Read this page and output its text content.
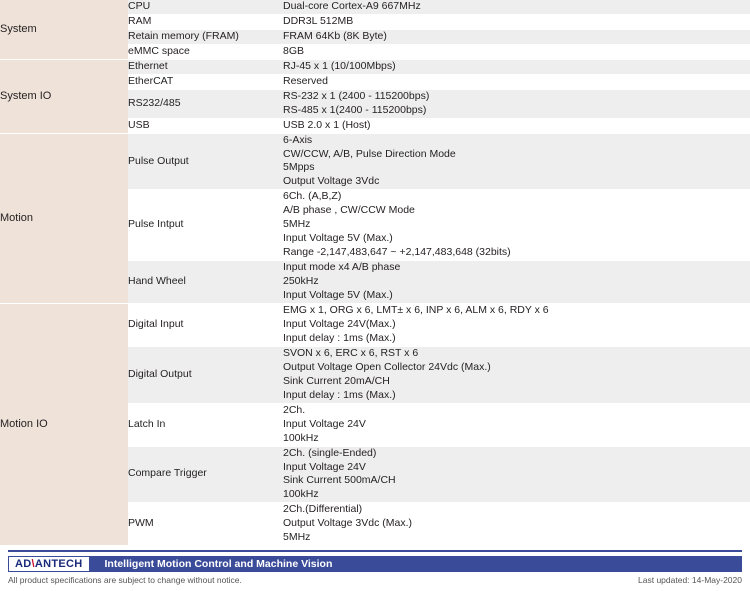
System	CPU	Dual-core Cortex-A9 667MHz

	RAM	DDR3L 512MB

	Retain memory (FRAM)	FRAM 64Kb (8K Byte)

	eMMC space	8GB

System IO	Ethernet	RJ-45 x 1 (10/100Mbps)

	EtherCAT	Reserved

	RS232/485	RS-232 x 1 (2400 - 115200bps)
RS-485 x 1(2400 - 115200bps)

	USB	USB 2.0 x 1 (Host)

Motion	Pulse Output	6-Axis
CW/CCW, A/B, Pulse Direction Mode
5Mpps
Output Voltage 3Vdc

	Pulse Intput	6Ch. (A,B,Z)
A/B phase , CW/CCW Mode
5MHz
Input Voltage 5V (Max.)
Range -2,147,483,647 ~ +2,147,483,648 (32bits)

	Hand Wheel	Input mode x4 A/B phase
250kHz
Input Voltage 5V (Max.)

Motion IO	Digital Input	EMG x 1, ORG x 6, LMT± x 6, INP x 6, ALM x 6, RDY x 6
Input Voltage 24V(Max.)
Input delay : 1ms (Max.)

	Digital Output	SVON x 6, ERC x 6, RST x 6
Output Voltage Open Collector 24Vdc (Max.)
Sink Current 20mA/CH
Input delay : 1ms (Max.)

	Latch In	2Ch.
Input Voltage 24V
100kHz

	Compare Trigger	2Ch. (single-Ended)
Input Voltage 24V
Sink Current 500mA/CH
100kHz

	PWM	2Ch.(Differential)
Output Voltage 3Vdc (Max.)
5MHz
AD \ ANTECH Intelligent Motion Control and Machine Vision
All product specifications are subject to change without notice.	Last updated: 14-May-2020
